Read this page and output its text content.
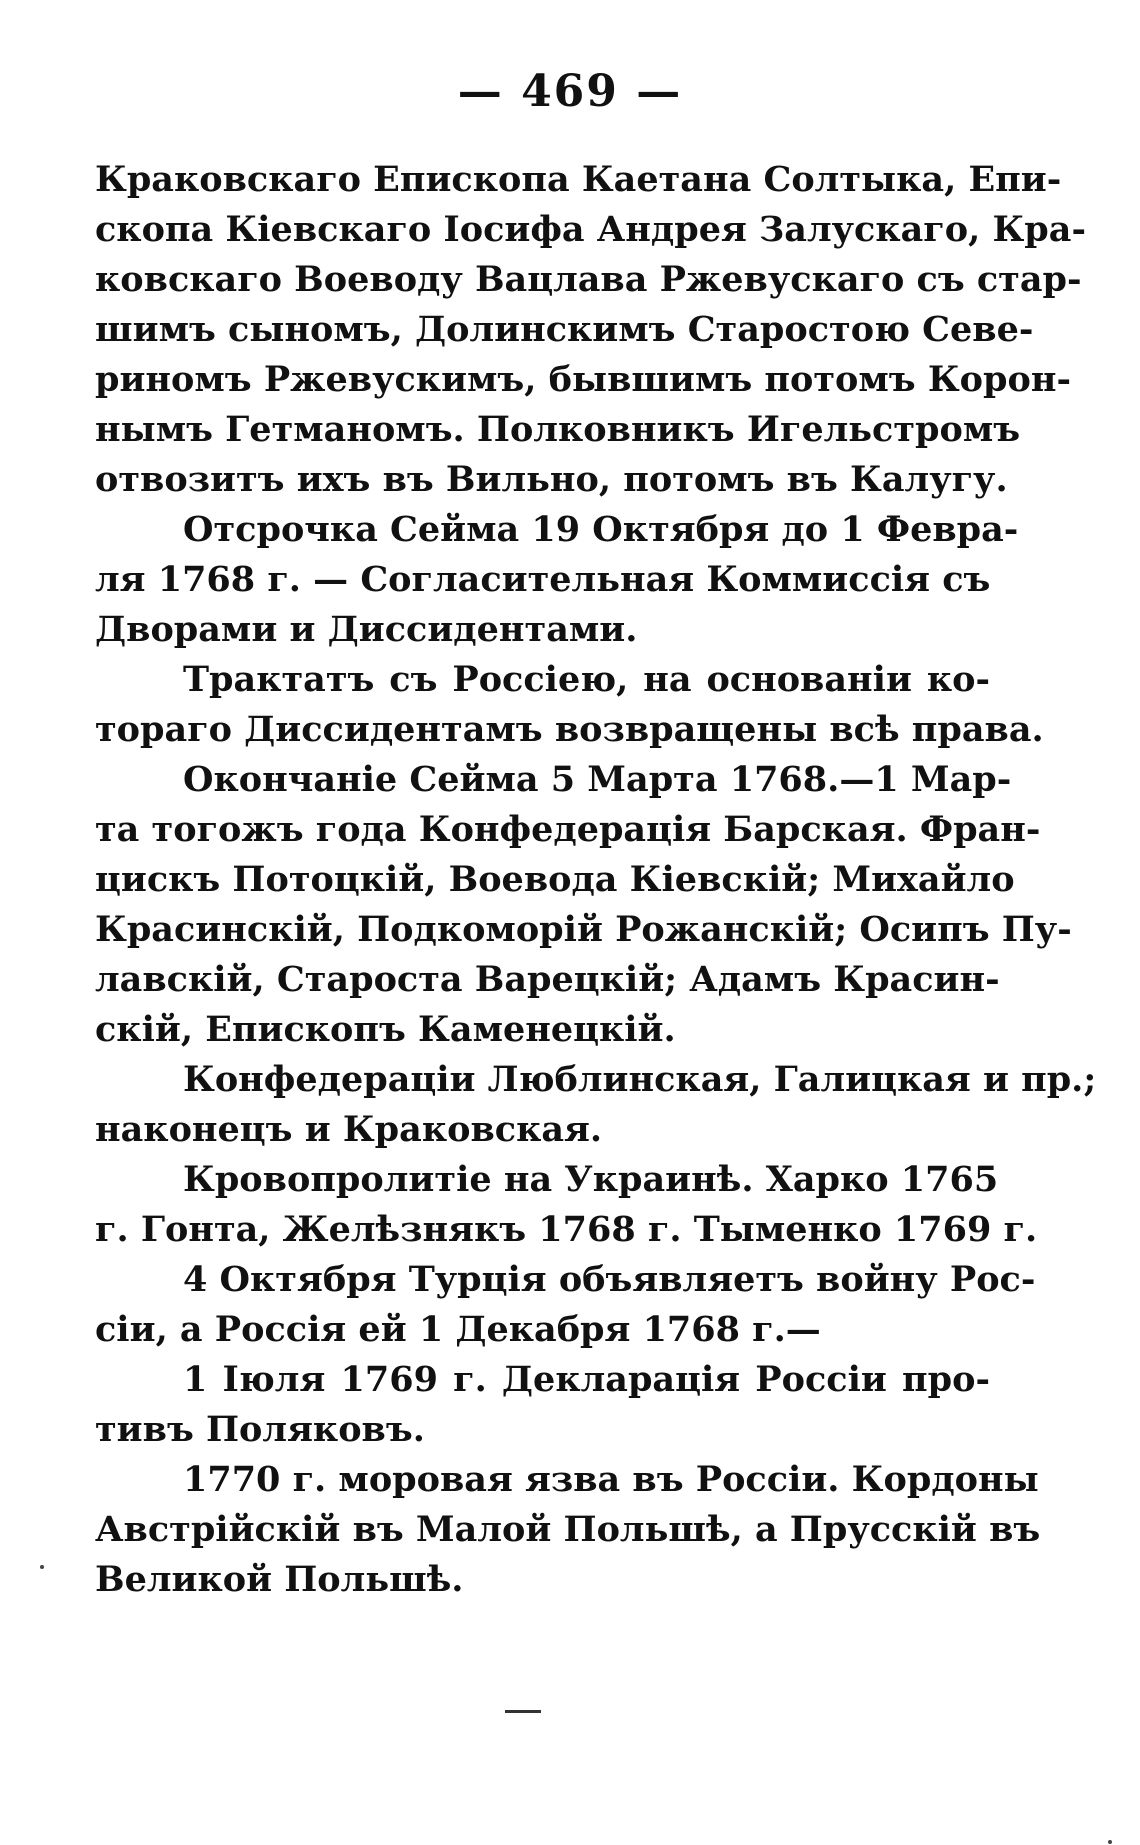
— 469 —
Краковскаго Епископа Каетана Солтыка, Епи-
скопа Кіевскаго Іосифа Андрея Залускаго, Кра-
ковскаго Воеводу Вацлава Ржевускаго съ стар-
шимъ сыномъ, Долинскимъ Старостою Севе-
риномъ Ржевускимъ, бывшимъ потомъ Корон-
нымъ Гетманомъ. Полковникъ Игельстромъ
отвозитъ ихъ въ Вильно, потомъ въ Калугу.
Отсрочка Сейма 19 Октября до 1 Февра-
ля 1768 г. — Согласительная Коммиссія съ
Дворами и Диссидентами.
Трактатъ съ Россіею, на основаніи ко-
тораго Диссидентамъ возвращены всѣ права.
Окончаніе Сейма 5 Марта 1768.—1 Мар-
та тогожъ года Конфедерація Барская. Фран-
цискъ Потоцкій, Воевода Кіевскій; Михайло
Красинскій, Подкоморій Рожанскій; Осипъ Пу-
лавскій, Староста Варецкій; Адамъ Красин-
скій, Епископъ Каменецкій.
Конфедераціи Люблинская, Галицкая и пр.;
наконецъ и Краковская.
Кровопролитіе на Украинѣ. Харко 1765
г. Гонта, Желѣзнякъ 1768 г. Тыменко 1769 г.
4 Октября Турція объявляетъ войну Рос-
сіи, а Россія ей 1 Декабря 1768 г.—
1 Іюля 1769 г. Декларація Россіи про-
тивъ Поляковъ.
1770 г. моровая язва въ Россіи. Кордоны
Австрійскій въ Малой Польшѣ, а Прусскій въ
Великой Польшѣ.
